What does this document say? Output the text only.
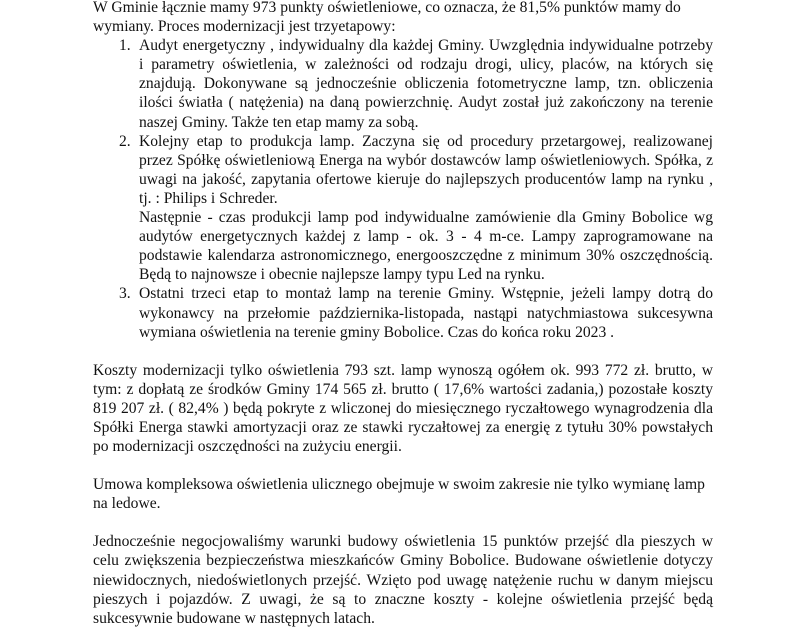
W Gminie łącznie mamy 973 punkty oświetleniowe, co oznacza, że 81,5% punktów mamy do
wymiany. Proces modernizacji jest trzyetapowy:

1. Audyt energetyczny , indywidualny dla każdej Gminy. Uwzględnia indywidualne potrzeby i parametry oświetlenia, w zależności od rodzaju drogi, ulicy, placów, na których się znajdują. Dokonywane są jednocześnie obliczenia fotometryczne lamp, tzn. obliczenia ilości światła ( natężenia) na daną powierzchnię. Audyt został już zakończony na terenie naszej Gminy. Także ten etap mamy za sobą.

2. Kolejny etap to produkcja lamp. Zaczyna się od procedury przetargowej, realizowanej przez Spółkę oświetleniową Energa na wybór dostawców lamp oświetleniowych. Spółka, z uwagi na jakość, zapytania ofertowe kieruje do najlepszych producentów lamp na rynku , tj. : Philips i Schreder.

Następnie - czas produkcji lamp pod indywidualne zamówienie dla Gminy Bobolice wg audytów energetycznych każdej z lamp - ok. 3 - 4 m-ce. Lampy zaprogramowane na podstawie kalendarza astronomicznego, energooszczędne z minimum 30% oszczędnością. Będą to najnowsze i obecnie najlepsze lampy typu Led na rynku.

3. Ostatni trzeci etap to montaż lamp na terenie Gminy. Wstępnie, jeżeli lampy dotrą do wykonawcy na przełomie października-listopada, nastąpi natychmiastowa sukcesywna wymiana oświetlenia na terenie gminy Bobolice. Czas do końca roku 2023 .

Koszty modernizacji tylko oświetlenia 793 szt. lamp wynoszą ogółem ok. 993 772 zł. brutto, w tym: z dopłatą ze środków Gminy 174 565 zł. brutto ( 17,6% wartości zadania,) pozostałe koszty 819 207 zł. ( 82,4% ) będą pokryte z wliczonej do miesięcznego ryczałtowego wynagrodzenia dla Spółki Energa stawki amortyzacji oraz ze stawki ryczałtowej za energię z tytułu 30% powstałych po modernizacji oszczędności na zużyciu energii.

Umowa kompleksowa oświetlenia ulicznego obejmuje w swoim zakresie nie tylko wymianę lamp na ledowe.

Jednocześnie negocjowaliśmy warunki budowy oświetlenia 15 punktów przejść dla pieszych w celu zwiększenia bezpieczeństwa mieszkańców Gminy Bobolice. Budowane oświetlenie dotyczy niewidocznych, niedoświetlonych przejść. Wzięto pod uwagę natężenie ruchu w danym miejscu pieszych i pojazdów. Z uwagi, że są to znaczne koszty - kolejne oświetlenia przejść będą sukcesywnie budowane w następnych latach.
